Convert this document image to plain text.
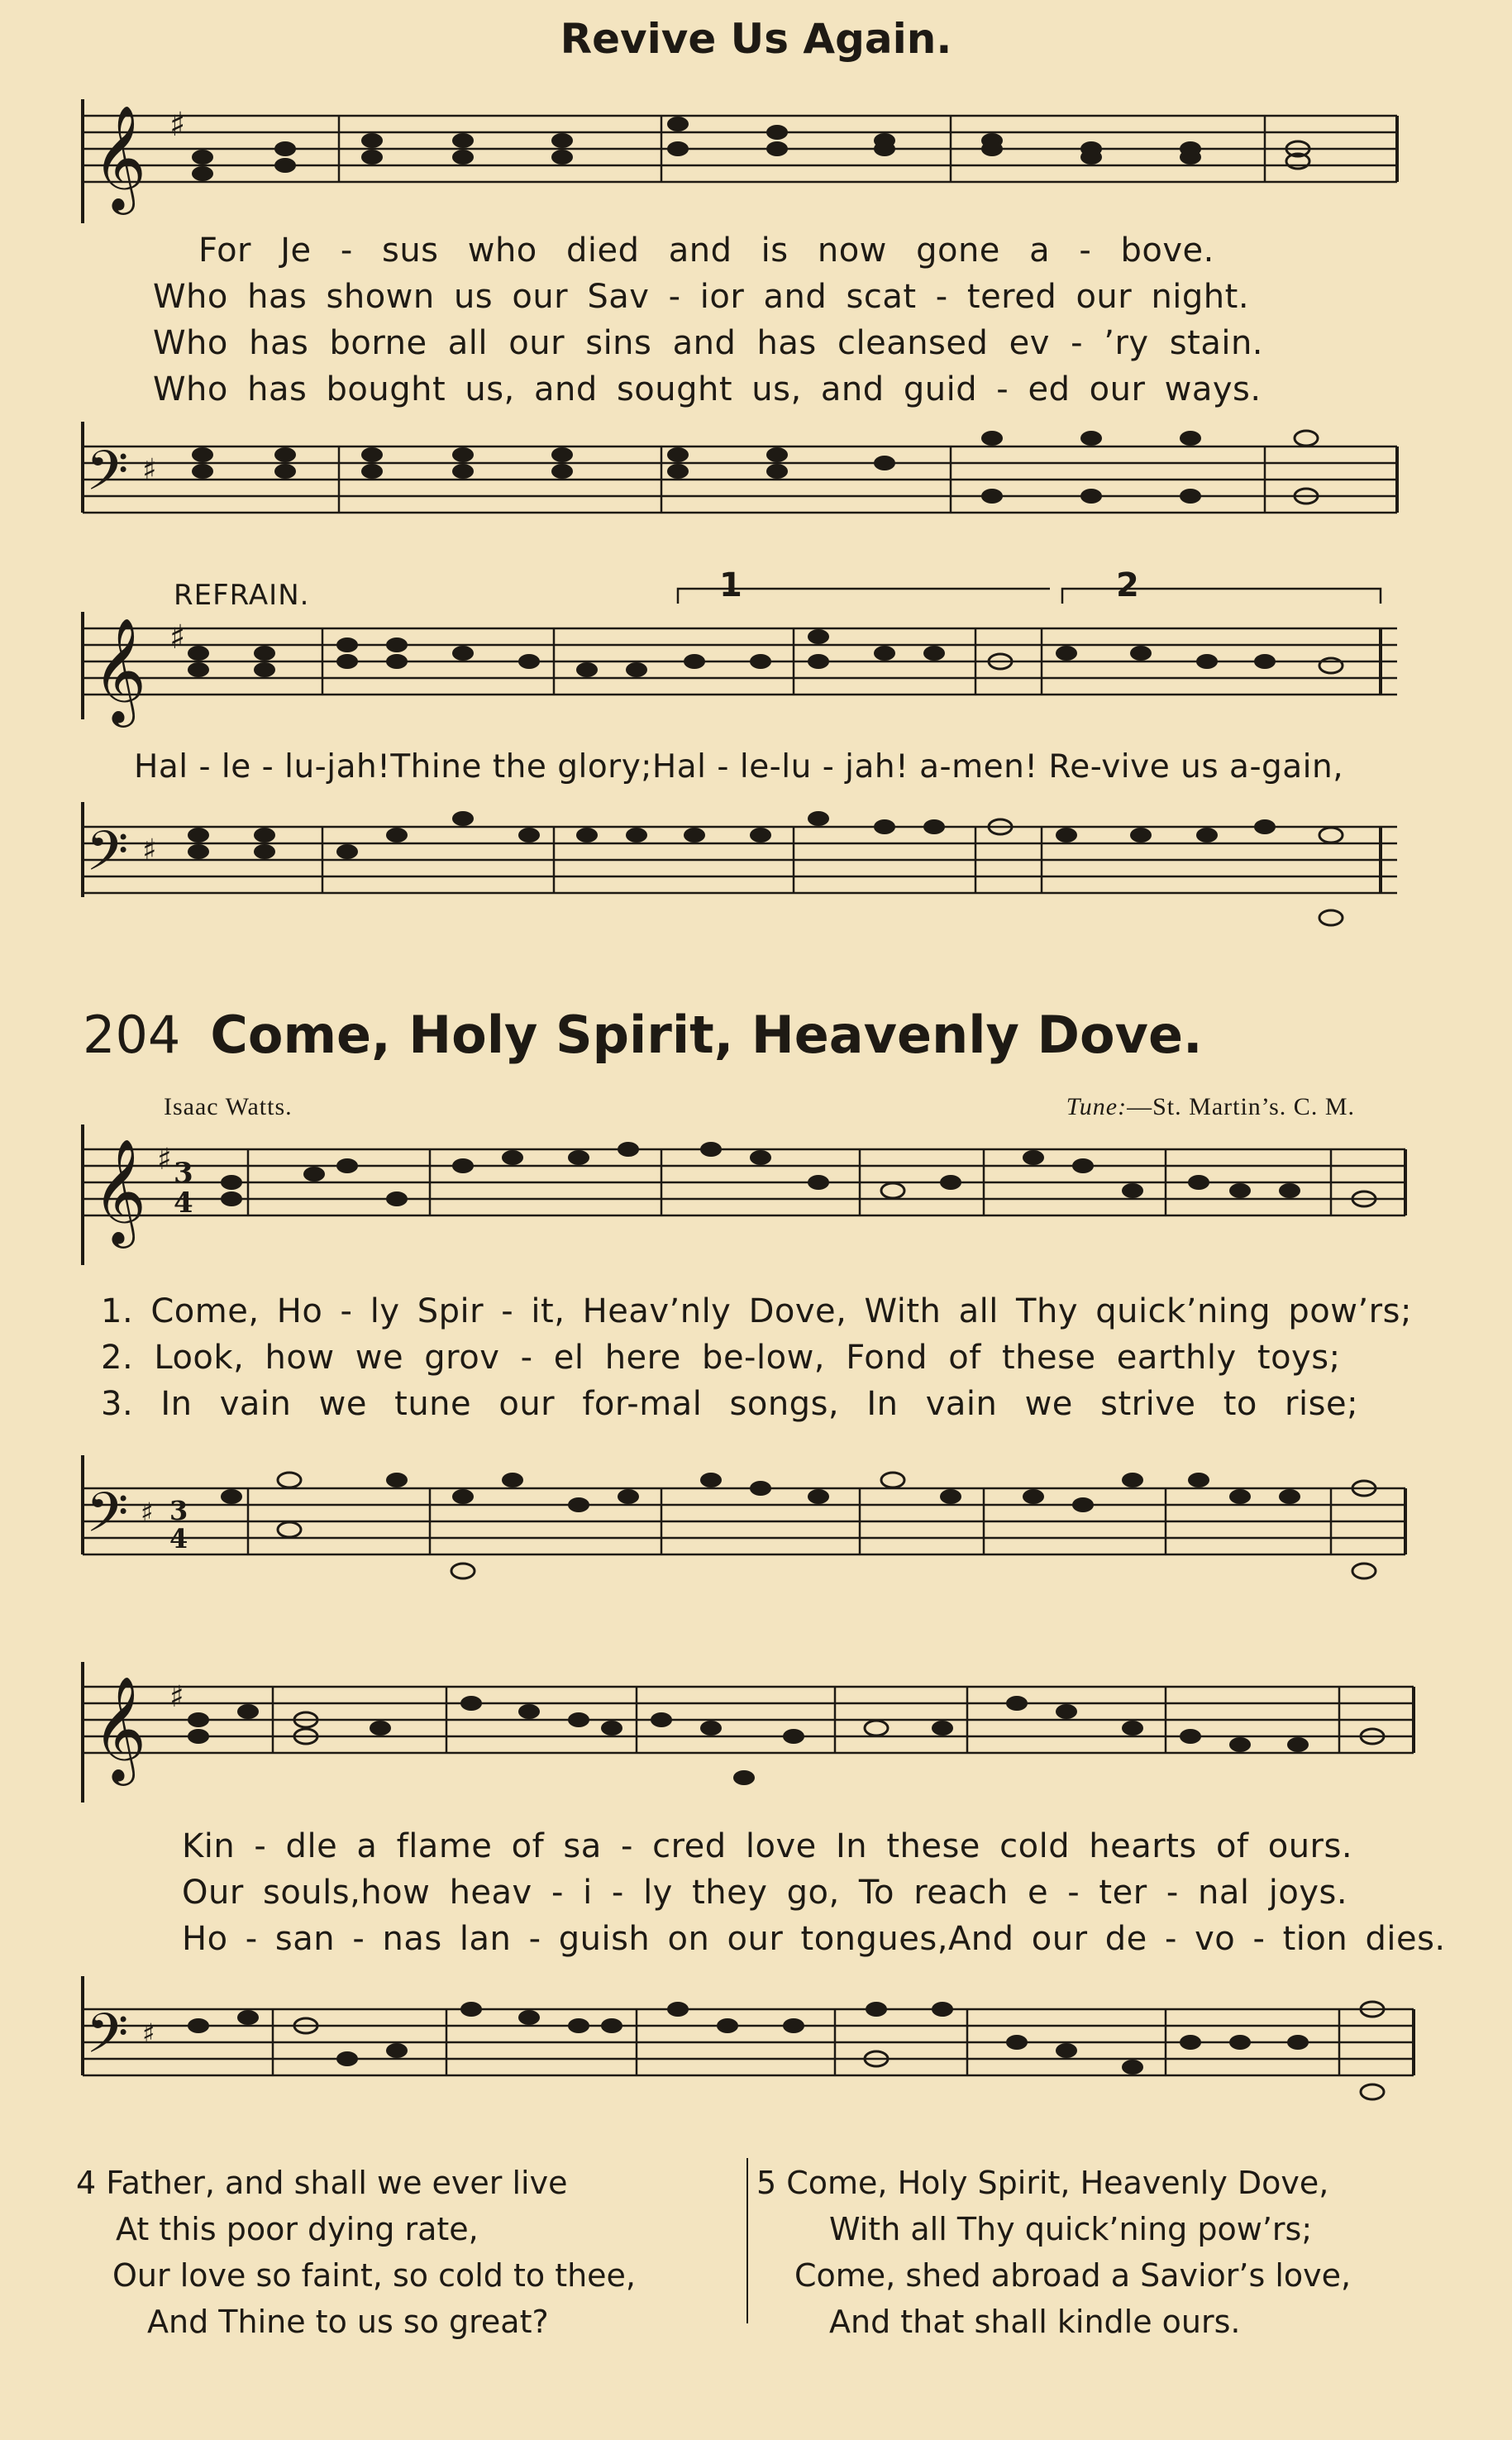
Revive Us Again.
𝄞 ♯
For Je - sus who died and is now gone a - bove.
Who has shown us our Sav - ior and scat - tered our night.
Who has borne all our sins and has cleansed ev - ’ry stain.
Who has bought us, and sought us, and guid - ed our ways.
𝄢 ♯
REFRAIN.	1	2
𝄞 ♯
Hal - le - lu-jah!Thine the glory;Hal - le-lu - jah! a-men! Re-vive us a-gain,
𝄢 ♯
204 Come, Holy Spirit, Heavenly Dove.
Isaac Watts.	Tune:—St. Martin’s. C. M.
𝄞 ♯ 3
4
1. Come, Ho - ly Spir - it, Heav’nly Dove, With all Thy quick’ning pow’rs;
2. Look, how we grov - el here be-low, Fond of these earthly toys;
3. In vain we tune our for-mal songs, In vain we strive to rise;
𝄢 ♯ 3
4
𝄞 ♯
Kin - dle a flame of sa - cred love In these cold hearts of ours.
Our souls,how heav - i - ly they go, To reach e - ter - nal joys.
Ho - san - nas lan - guish on our tongues,And our de - vo - tion dies.
𝄢 ♯
4 Father, and shall we ever live
At this poor dying rate,
Our love so faint, so cold to thee,
And Thine to us so great?
5 Come, Holy Spirit, Heavenly Dove,
With all Thy quick’ning pow’rs;
Come, shed abroad a Savior’s love,
And that shall kindle ours.
